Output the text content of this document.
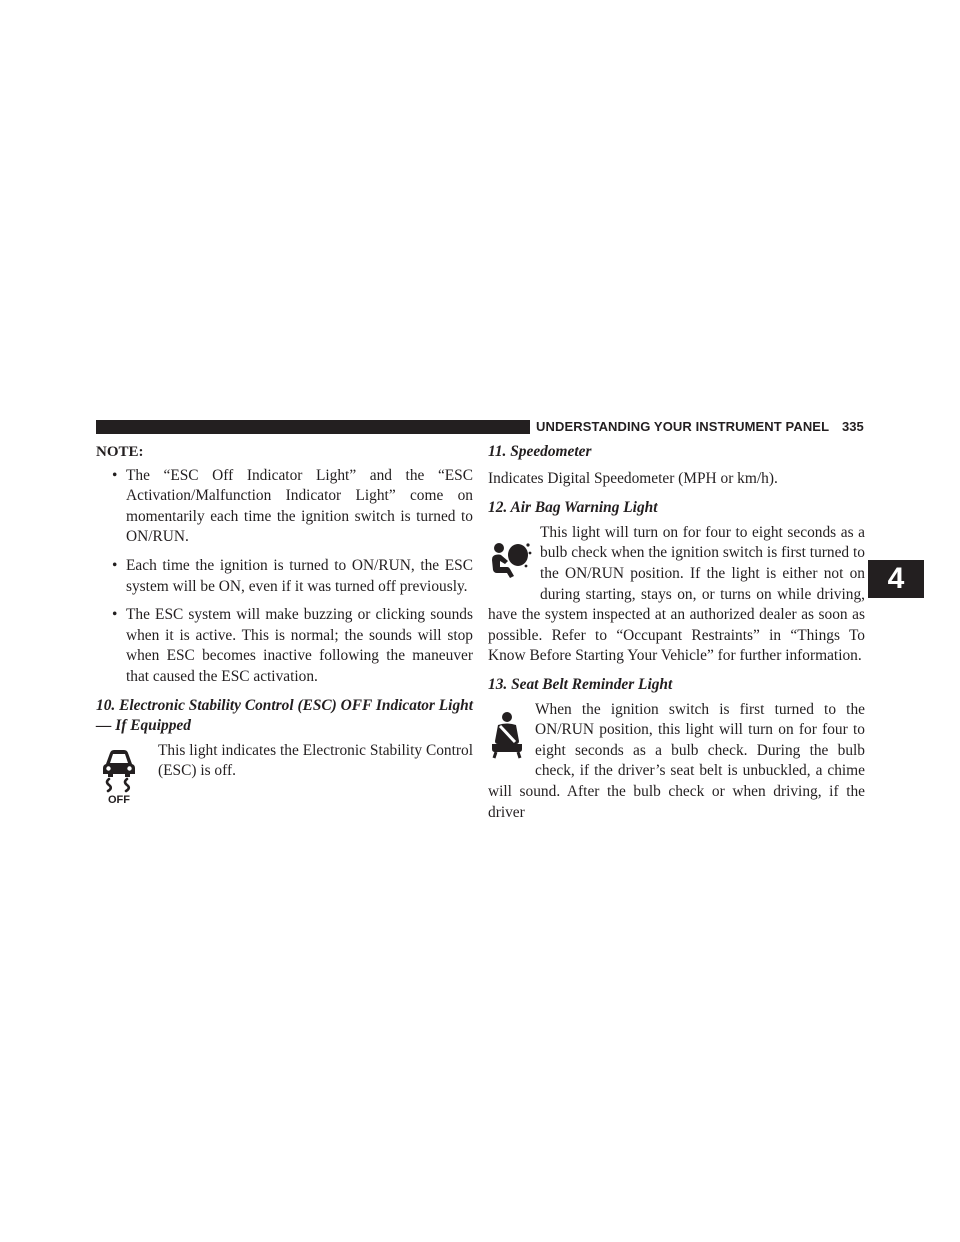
UNDERSTANDING YOUR INSTRUMENT PANEL 335
4
NOTE:
• The “ESC Off Indicator Light” and the “ESC Activation/Malfunction Indicator Light” come on momentarily each time the ignition switch is turned to ON/RUN.
• Each time the ignition is turned to ON/RUN, the ESC system will be ON, even if it was turned off previously.
• The ESC system will make buzzing or clicking sounds when it is active. This is normal; the sounds will stop when ESC becomes inactive following the maneuver that caused the ESC activation.
10. Electronic Stability Control (ESC) OFF Indicator Light — If Equipped
OFF
This light indicates the Electronic Stability Control (ESC) is off.
11. Speedometer

Indicates Digital Speedometer (MPH or km/h).

12. Air Bag Warning Light
This light will turn on for four to eight seconds as a bulb check when the ignition switch is first turned to the ON/RUN position. If the light is either not on during starting, stays on, or turns on while driving, have the system inspected at an authorized dealer as soon as possible. Refer to “Occupant Restraints” in “Things To Know Before Starting Your Vehicle” for further information.
13. Seat Belt Reminder Light
When the ignition switch is first turned to the ON/RUN position, this light will turn on for four to eight seconds as a bulb check. During the bulb check, if the driver’s seat belt is unbuckled, a chime will sound. After the bulb check or when driving, if the driver
